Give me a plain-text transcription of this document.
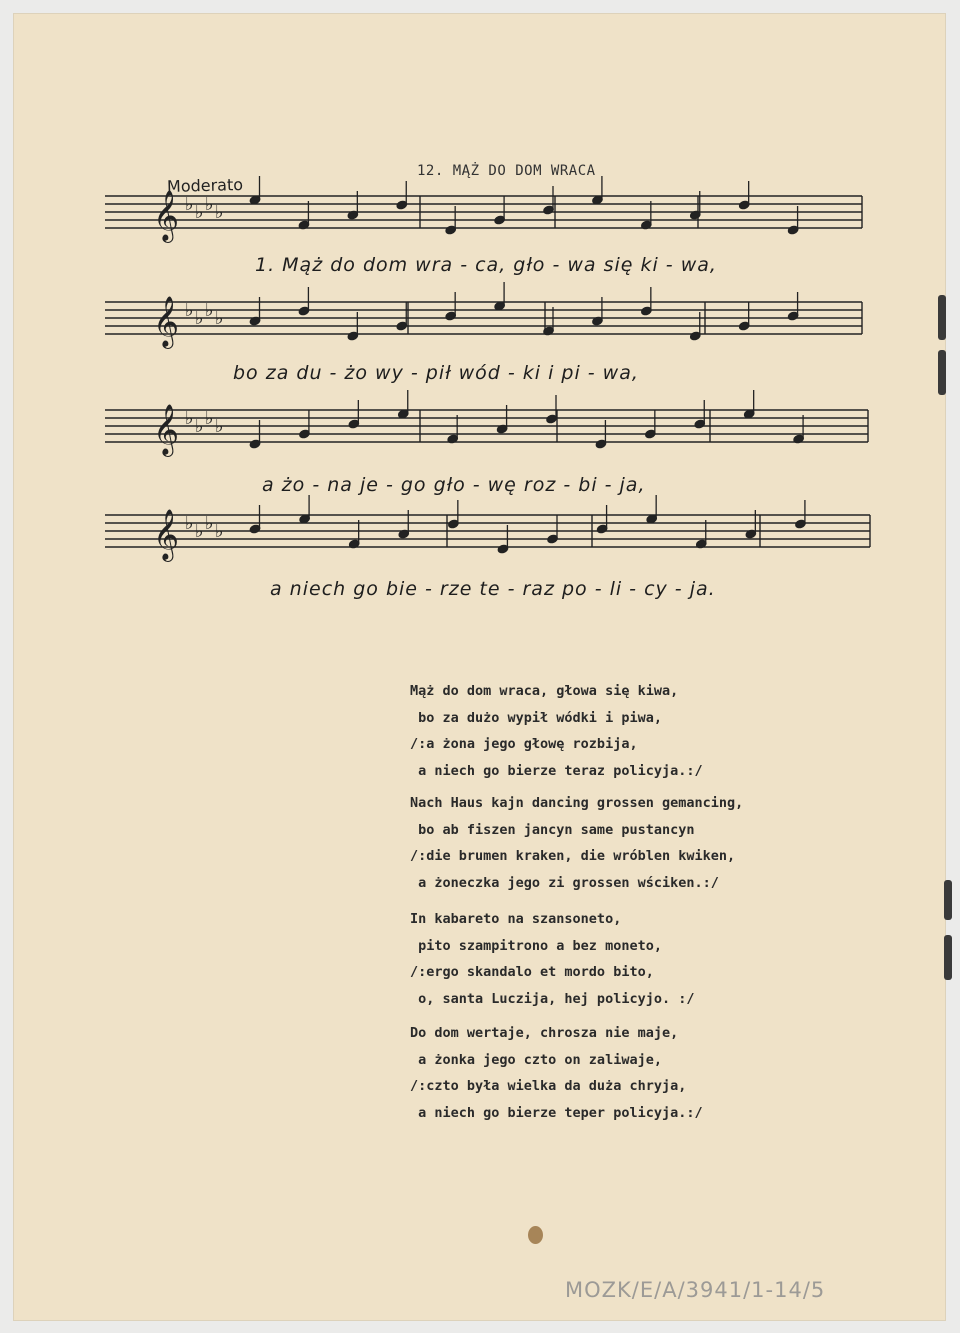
Moderato
12. MĄŻ DO DOM WRACA
𝄞 ♭ ♭ ♭ ♭
𝄞 ♭ ♭ ♭ ♭
𝄞 ♭ ♭ ♭ ♭
𝄞 ♭ ♭ ♭ ♭
1. Mąż do dom wra - ca, gło - wa się ki - wa,
bo za du - żo wy - pił wód - ki i pi - wa,
a żo - na je - go gło - wę roz - bi - ja,
a niech go bie - rze te - raz po - li - cy - ja.
Mąż do dom wraca, głowa się kiwa,
bo za dużo wypił wódki i piwa,
/:a żona jego głowę rozbija,
a niech go bierze teraz policyja.:/
Nach Haus kajn dancing grossen gemancing,
bo ab fiszen jancyn same pustancyn
/:die brumen kraken, die wróblen kwiken,
a żoneczka jego zi grossen wściken.:/
In kabareto na szansoneto,
pito szampitrono a bez moneto,
/:ergo skandalo et mordo bito,
o, santa Luczija, hej policyjo. :/
Do dom wertaje, chrosza nie maje,
a żonka jego czto on zaliwaje,
/:czto była wielka da duża chryja,
a niech go bierze teper policyja.:/
MOZK/E/A/3941/1-14/5
